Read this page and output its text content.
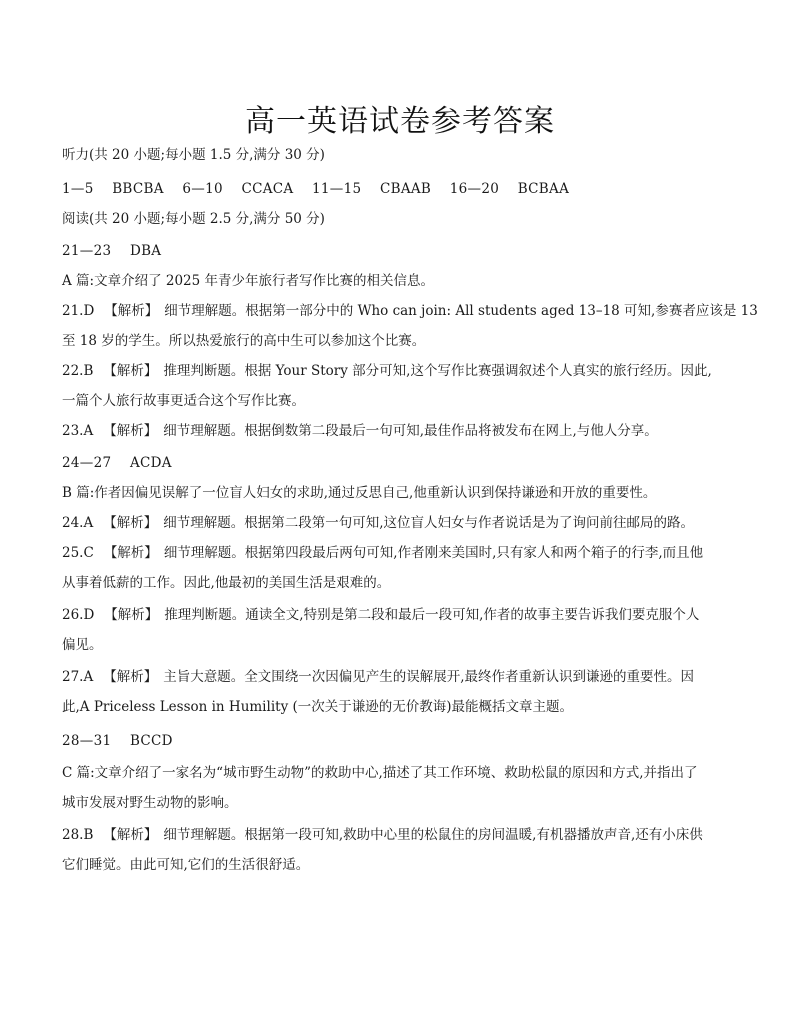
高一英语试卷参考答案
听力(共 20 小题;每小题 1.5 分,满分 30 分)
1—5 BBCBA 6—10 CCACA 11—15 CBAAB 16—20 BCBAA
阅读(共 20 小题;每小题 2.5 分,满分 50 分)
21—23 DBA
A 篇:文章介绍了 2025 年青少年旅行者写作比赛的相关信息。
21.D 【解析】 细节理解题。根据第一部分中的 Who can join: All students aged 13–18 可知,参赛者应该是 13
至 18 岁的学生。所以热爱旅行的高中生可以参加这个比赛。
22.B 【解析】 推理判断题。根据 Your Story 部分可知,这个写作比赛强调叙述个人真实的旅行经历。因此,
一篇个人旅行故事更适合这个写作比赛。
23.A 【解析】 细节理解题。根据倒数第二段最后一句可知,最佳作品将被发布在网上,与他人分享。
24—27 ACDA
B 篇:作者因偏见误解了一位盲人妇女的求助,通过反思自己,他重新认识到保持谦逊和开放的重要性。
24.A 【解析】 细节理解题。根据第二段第一句可知,这位盲人妇女与作者说话是为了询问前往邮局的路。
25.C 【解析】 细节理解题。根据第四段最后两句可知,作者刚来美国时,只有家人和两个箱子的行李,而且他
从事着低薪的工作。因此,他最初的美国生活是艰难的。
26.D 【解析】 推理判断题。通读全文,特别是第二段和最后一段可知,作者的故事主要告诉我们要克服个人
偏见。
27.A 【解析】 主旨大意题。全文围绕一次因偏见产生的误解展开,最终作者重新认识到谦逊的重要性。因
此,A Priceless Lesson in Humility (一次关于谦逊的无价教诲)最能概括文章主题。
28—31 BCCD
C 篇:文章介绍了一家名为“城市野生动物”的救助中心,描述了其工作环境、救助松鼠的原因和方式,并指出了
城市发展对野生动物的影响。
28.B 【解析】 细节理解题。根据第一段可知,救助中心里的松鼠住的房间温暖,有机器播放声音,还有小床供
它们睡觉。由此可知,它们的生活很舒适。
